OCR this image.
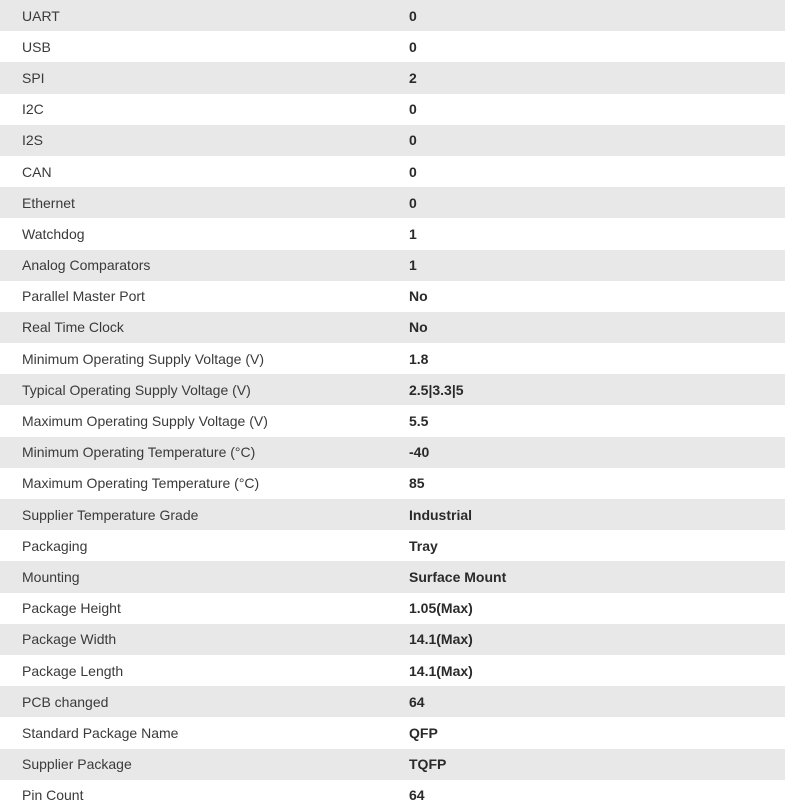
UART	0
USB	0
SPI	2
I2C	0
I2S	0
CAN	0
Ethernet	0
Watchdog	1
Analog Comparators	1
Parallel Master Port	No
Real Time Clock	No
Minimum Operating Supply Voltage (V)	1.8
Typical Operating Supply Voltage (V)	2.5|3.3|5
Maximum Operating Supply Voltage (V)	5.5
Minimum Operating Temperature (°C)	-40
Maximum Operating Temperature (°C)	85
Supplier Temperature Grade	Industrial
Packaging	Tray
Mounting	Surface Mount
Package Height	1.05(Max)
Package Width	14.1(Max)
Package Length	14.1(Max)
PCB changed	64
Standard Package Name	QFP
Supplier Package	TQFP
Pin Count	64
